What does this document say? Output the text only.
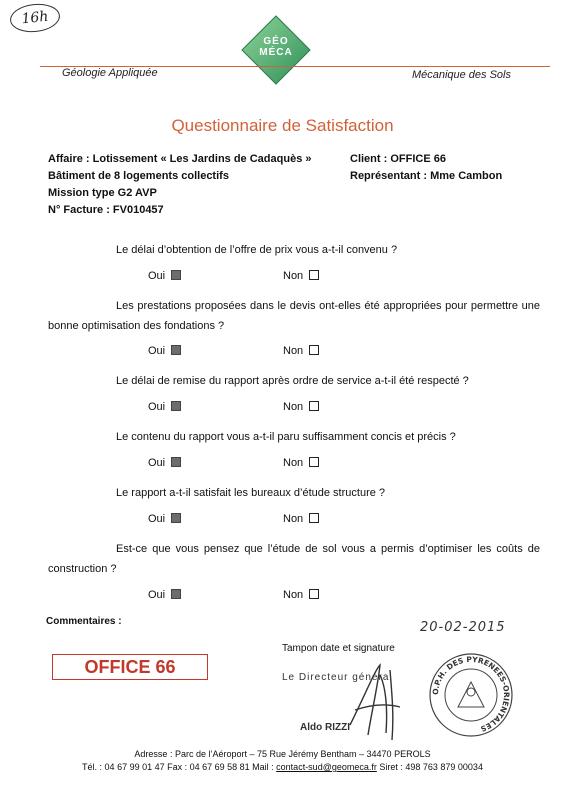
16h
GÉO
MÉCA
Géologie Appliquée	Mécanique des Sols
Questionnaire de Satisfaction
Affaire : Lotissement « Les Jardins de Cadaquès »
Bâtiment de 8 logements collectifs
Mission type G2 AVP
N° Facture : FV010457
Client : OFFICE 66
Représentant : Mme Cambon
Le délai d’obtention de l’offre de prix vous a-t-il convenu ?
Oui	Non
Les prestations proposées dans le devis ont-elles été appropriées pour permettre une bonne optimisation des fondations ?
Oui	Non
Le délai de remise du rapport après ordre de service a-t-il été respecté ?
Oui	Non
Le contenu du rapport vous a-t-il paru suffisamment concis et précis ?
Oui	Non
Le rapport a-t-il satisfait les bureaux d’étude structure ?
Oui	Non
Est-ce que vous pensez que l’étude de sol vous a permis d’optimiser les coûts de construction ?
Oui	Non
Commentaires :	20-02-2015
Tampon date et signature
OFFICE 66
Le Directeur général
Aldo RIZZI
O.P.H. DES PYRENEES-ORIENTALES
Adresse : Parc de l’Aéroport – 75 Rue Jérémy Bentham – 34470 PEROLS
Tél. : 04 67 99 01 47 Fax : 04 67 69 58 81 Mail : contact-sud@geomeca.fr Siret : 498 763 879 00034
